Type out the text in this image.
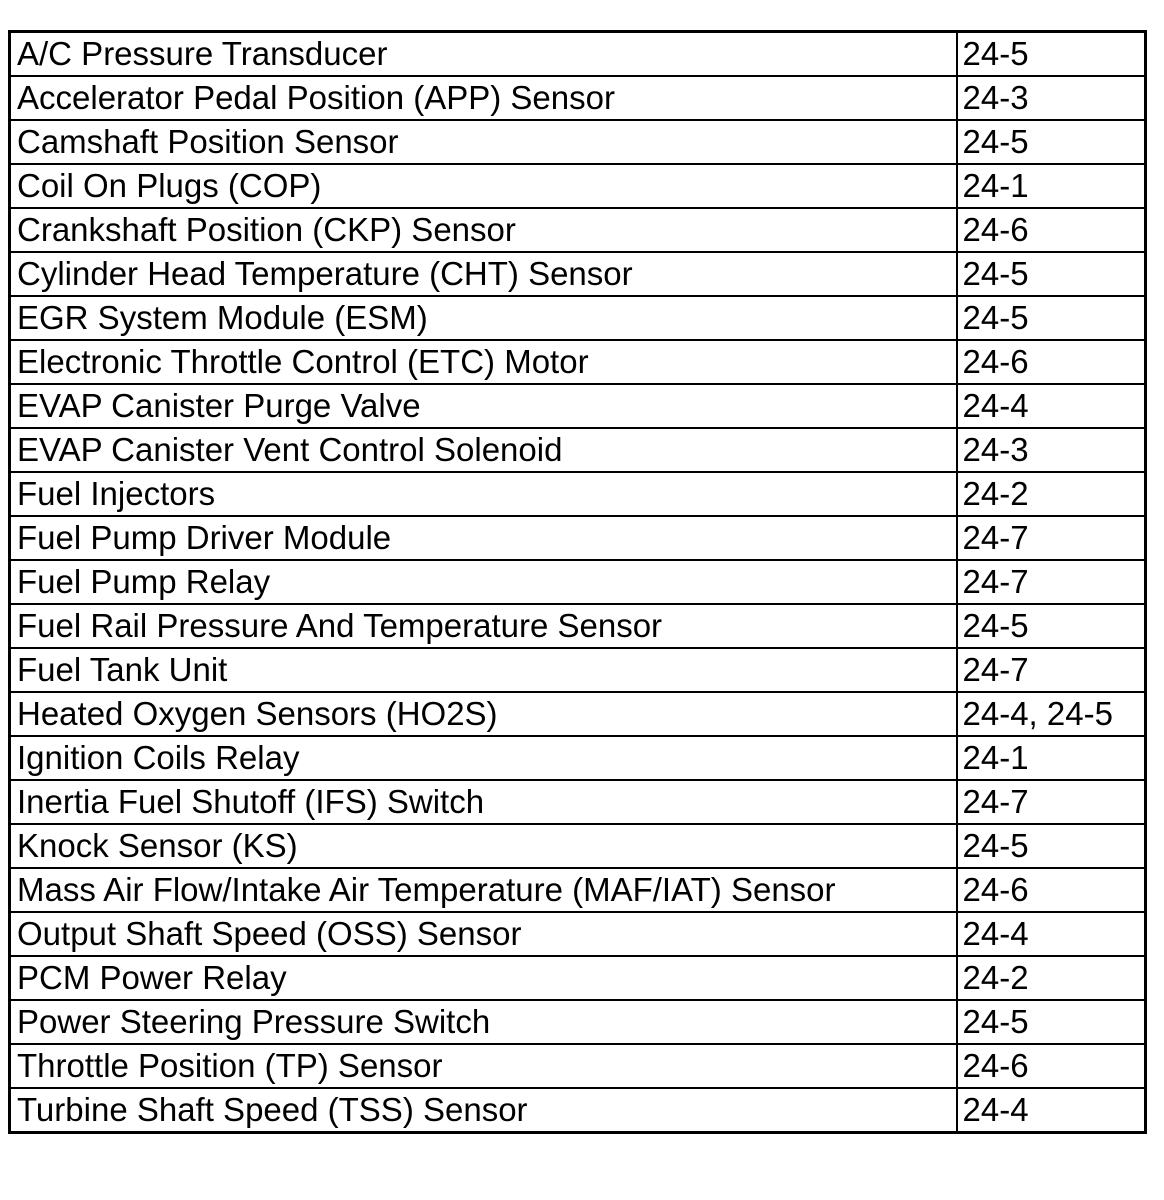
A/C Pressure Transducer	24-5
Accelerator Pedal Position (APP) Sensor	24-3
Camshaft Position Sensor	24-5
Coil On Plugs (COP)	24-1
Crankshaft Position (CKP) Sensor	24-6
Cylinder Head Temperature (CHT) Sensor	24-5
EGR System Module (ESM)	24-5
Electronic Throttle Control (ETC) Motor	24-6
EVAP Canister Purge Valve	24-4
EVAP Canister Vent Control Solenoid	24-3
Fuel Injectors	24-2
Fuel Pump Driver Module	24-7
Fuel Pump Relay	24-7
Fuel Rail Pressure And Temperature Sensor	24-5
Fuel Tank Unit	24-7
Heated Oxygen Sensors (HO2S)	24-4, 24-5
Ignition Coils Relay	24-1
Inertia Fuel Shutoff (IFS) Switch	24-7
Knock Sensor (KS)	24-5
Mass Air Flow/Intake Air Temperature (MAF/IAT) Sensor	24-6
Output Shaft Speed (OSS) Sensor	24-4
PCM Power Relay	24-2
Power Steering Pressure Switch	24-5
Throttle Position (TP) Sensor	24-6
Turbine Shaft Speed (TSS) Sensor	24-4
